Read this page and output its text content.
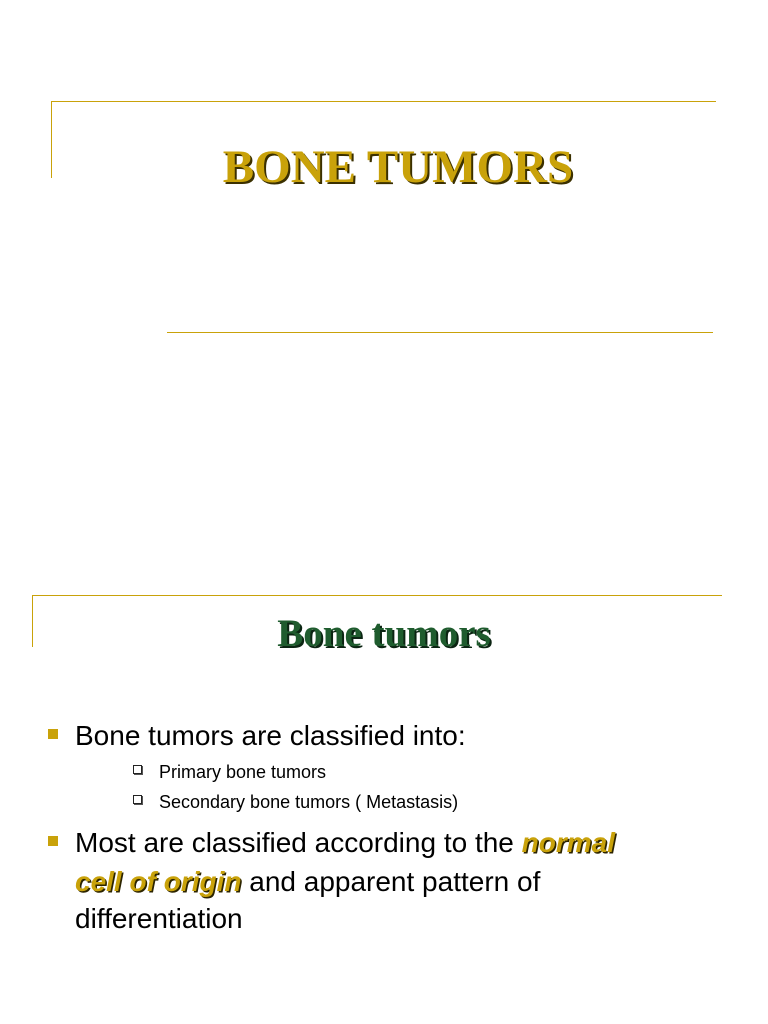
BONE TUMORS
Bone tumors
Bone tumors are classified into:
Primary bone tumors
Secondary bone tumors ( Metastasis)
Most are classified according to the normal
cell of origin and apparent pattern of
differentiation
